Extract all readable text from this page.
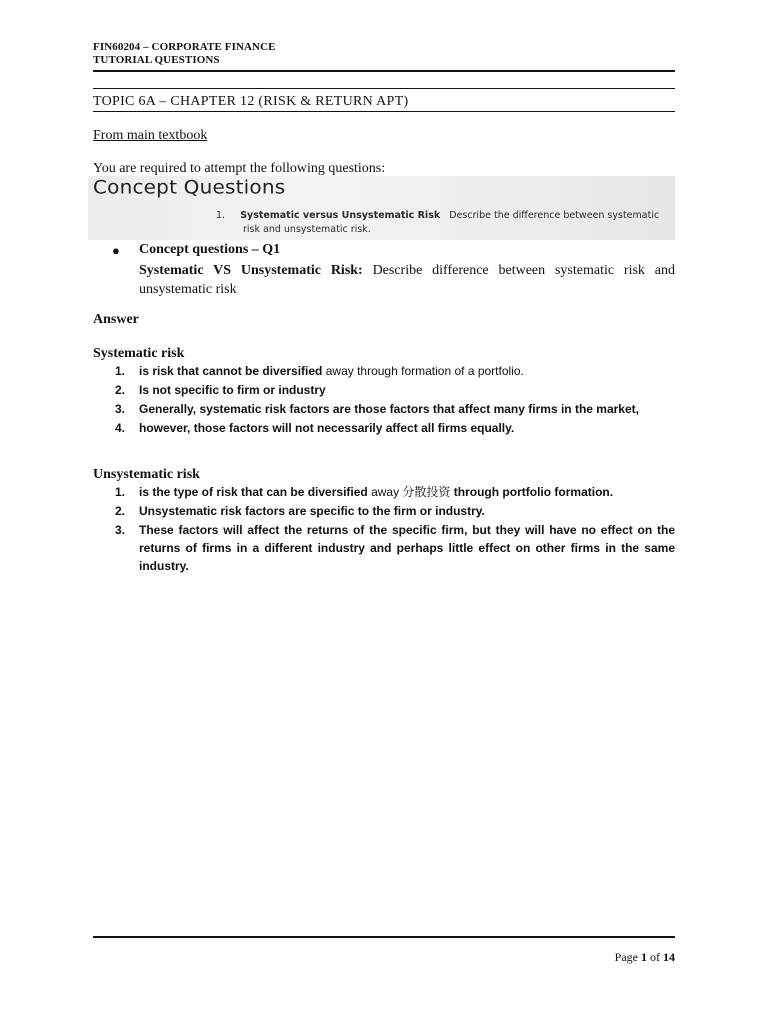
FIN60204 – CORPORATE FINANCE
TUTORIAL QUESTIONS
TOPIC 6A – CHAPTER 12 (RISK & RETURN APT)
From main textbook
You are required to attempt the following questions:
Concept Questions
1. Systematic versus Unsystematic Risk Describe the difference between systematic
risk and unsystematic risk.
● Concept questions – Q1
Systematic VS Unsystematic Risk: Describe difference between systematic risk and unsystematic risk
Answer
Systematic risk
1. is risk that cannot be diversified away through formation of a portfolio.
2. Is not specific to firm or industry
3. Generally, systematic risk factors are those factors that affect many firms in the market,
4. however, those factors will not necessarily affect all firms equally.
Unsystematic risk
1. is the type of risk that can be diversified away 分散投资 through portfolio formation.
2. Unsystematic risk factors are specific to the firm or industry.
3. These factors will affect the returns of the specific firm, but they will have no effect on the returns of firms in a different industry and perhaps little effect on other firms in the same industry.
Page 1 of 14
